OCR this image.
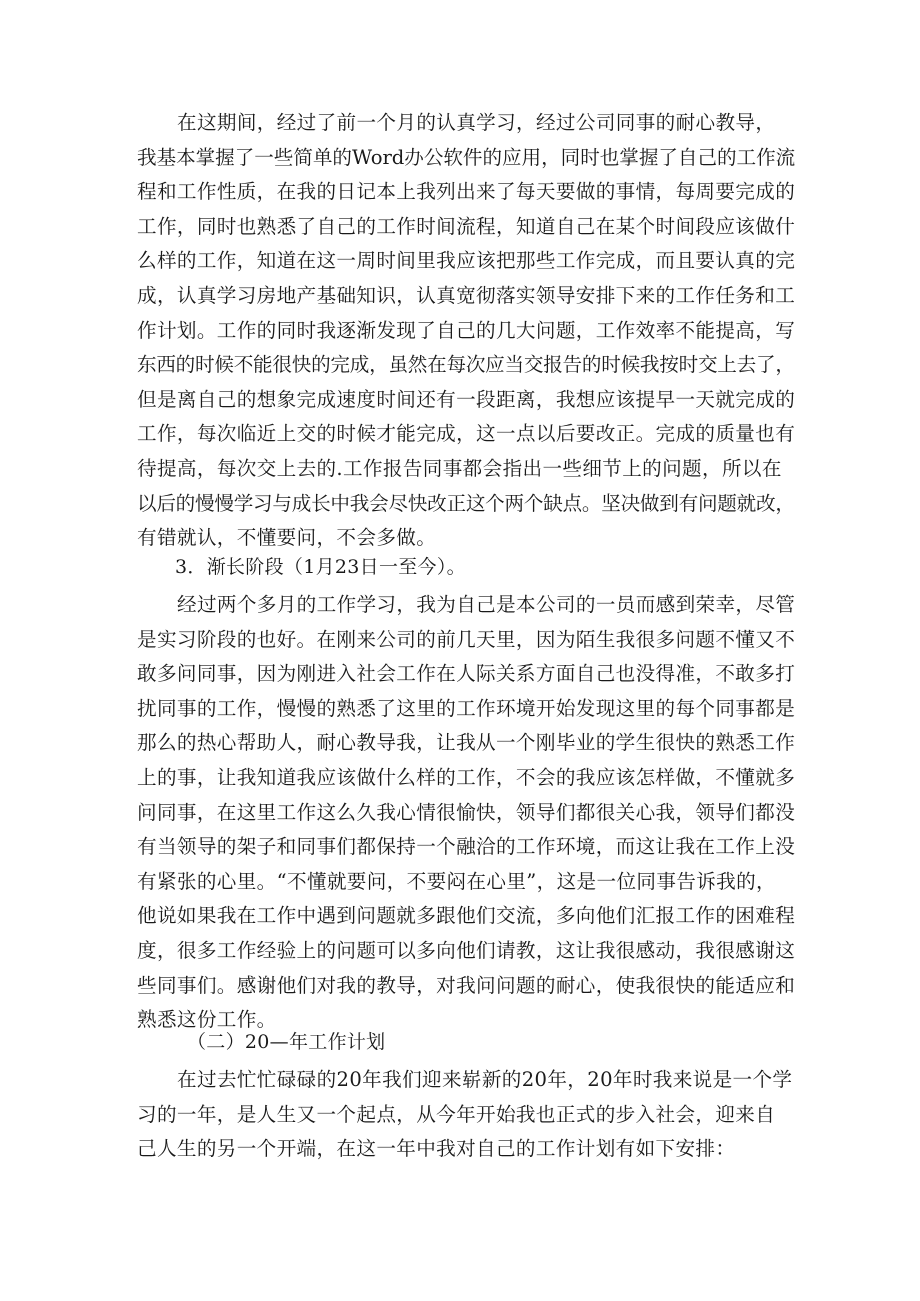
在这期间，经过了前一个月的认真学习，经过公司同事的耐心教导，
我基本掌握了一些简单的Word办公软件的应用，同时也掌握了自己的工作流
程和工作性质，在我的日记本上我列出来了每天要做的事情，每周要完成的
工作，同时也熟悉了自己的工作时间流程，知道自己在某个时间段应该做什
么样的工作，知道在这一周时间里我应该把那些工作完成，而且要认真的完
成，认真学习房地产基础知识，认真宽彻落实领导安排下来的工作任务和工
作计划。工作的同时我逐渐发现了自己的几大问题，工作效率不能提高，写
东西的时候不能很快的完成，虽然在每次应当交报告的时候我按时交上去了，
但是离自己的想象完成速度时间还有一段距离，我想应该提早一天就完成的
工作，每次临近上交的时候才能完成，这一点以后要改正。完成的质量也有
待提高，每次交上去的.工作报告同事都会指出一些细节上的问题，所以在
以后的慢慢学习与成长中我会尽快改正这个两个缺点。坚决做到有问题就改，
有错就认，不懂要问，不会多做。

3．渐长阶段（1月23日一至今）。

经过两个多月的工作学习，我为自己是本公司的一员而感到荣幸，尽管
是实习阶段的也好。在刚来公司的前几天里，因为陌生我很多问题不懂又不
敢多问同事，因为刚进入社会工作在人际关系方面自己也没得准，不敢多打
扰同事的工作，慢慢的熟悉了这里的工作环境开始发现这里的每个同事都是
那么的热心帮助人，耐心教导我，让我从一个刚毕业的学生很快的熟悉工作
上的事，让我知道我应该做什么样的工作，不会的我应该怎样做，不懂就多
问同事，在这里工作这么久我心情很愉快，领导们都很关心我，领导们都没
有当领导的架子和同事们都保持一个融洽的工作环境，而这让我在工作上没
有紧张的心里。“不懂就要问，不要闷在心里”，这是一位同事告诉我的，
他说如果我在工作中遇到问题就多跟他们交流，多向他们汇报工作的困难程
度，很多工作经验上的问题可以多向他们请教，这让我很感动，我很感谢这
些同事们。感谢他们对我的教导，对我问问题的耐心，使我很快的能适应和
熟悉这份工作。

（二）20—年工作计划

在过去忙忙碌碌的20年我们迎来崭新的20年，20年时我来说是一个学
习的一年，是人生又一个起点，从今年开始我也正式的步入社会，迎来自
己人生的另一个开端，在这一年中我对自己的工作计划有如下安排：
